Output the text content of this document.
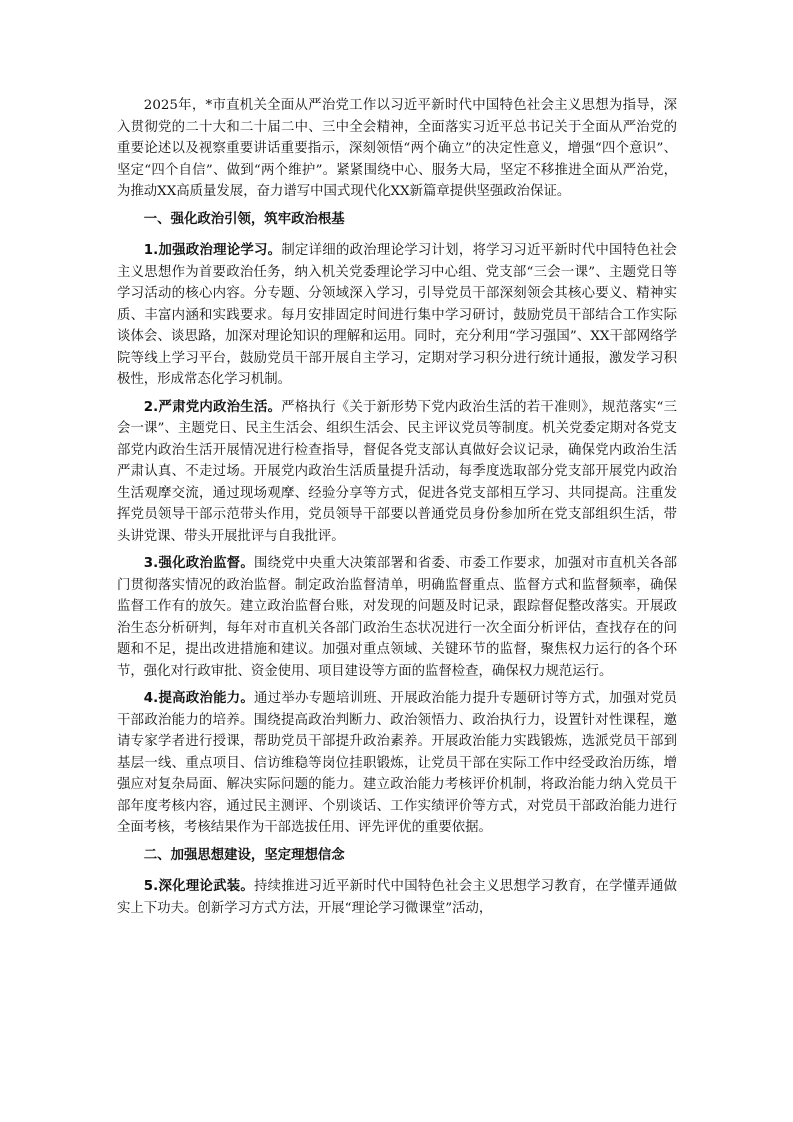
2025年，*市直机关全面从严治党工作以习近平新时代中国特色社会主义思想为指导，深入贯彻党的二十大和二十届二中、三中全会精神，全面落实习近平总书记关于全面从严治党的重要论述以及视察重要讲话重要指示，深刻领悟“两个确立”的决定性意义，增强“四个意识”、坚定“四个自信”、做到“两个维护”。紧紧围绕中心、服务大局，坚定不移推进全面从严治党，为推动XX高质量发展，奋力谱写中国式现代化XX新篇章提供坚强政治保证。

一、强化政治引领，筑牢政治根基

1.加强政治理论学习。制定详细的政治理论学习计划，将学习习近平新时代中国特色社会主义思想作为首要政治任务，纳入机关党委理论学习中心组、党支部“三会一课”、主题党日等学习活动的核心内容。分专题、分领域深入学习，引导党员干部深刻领会其核心要义、精神实质、丰富内涵和实践要求。每月安排固定时间进行集中学习研讨，鼓励党员干部结合工作实际谈体会、谈思路，加深对理论知识的理解和运用。同时，充分利用“学习强国”、XX干部网络学院等线上学习平台，鼓励党员干部开展自主学习，定期对学习积分进行统计通报，激发学习积极性，形成常态化学习机制。

2.严肃党内政治生活。严格执行《关于新形势下党内政治生活的若干准则》，规范落实“三会一课”、主题党日、民主生活会、组织生活会、民主评议党员等制度。机关党委定期对各党支部党内政治生活开展情况进行检查指导，督促各党支部认真做好会议记录，确保党内政治生活严肃认真、不走过场。开展党内政治生活质量提升活动，每季度选取部分党支部开展党内政治生活观摩交流，通过现场观摩、经验分享等方式，促进各党支部相互学习、共同提高。注重发挥党员领导干部示范带头作用，党员领导干部要以普通党员身份参加所在党支部组织生活，带头讲党课、带头开展批评与自我批评。

3.强化政治监督。围绕党中央重大决策部署和省委、市委工作要求，加强对市直机关各部门贯彻落实情况的政治监督。制定政治监督清单，明确监督重点、监督方式和监督频率，确保监督工作有的放矢。建立政治监督台账，对发现的问题及时记录，跟踪督促整改落实。开展政治生态分析研判，每年对市直机关各部门政治生态状况进行一次全面分析评估，查找存在的问题和不足，提出改进措施和建议。加强对重点领域、关键环节的监督，聚焦权力运行的各个环节，强化对行政审批、资金使用、项目建设等方面的监督检查，确保权力规范运行。

4.提高政治能力。通过举办专题培训班、开展政治能力提升专题研讨等方式，加强对党员干部政治能力的培养。围绕提高政治判断力、政治领悟力、政治执行力，设置针对性课程，邀请专家学者进行授课，帮助党员干部提升政治素养。开展政治能力实践锻炼，选派党员干部到基层一线、重点项目、信访维稳等岗位挂职锻炼，让党员干部在实际工作中经受政治历练，增强应对复杂局面、解决实际问题的能力。建立政治能力考核评价机制，将政治能力纳入党员干部年度考核内容，通过民主测评、个别谈话、工作实绩评价等方式，对党员干部政治能力进行全面考核，考核结果作为干部选拔任用、评先评优的重要依据。

二、加强思想建设，坚定理想信念

5.深化理论武装。持续推进习近平新时代中国特色社会主义思想学习教育，在学懂弄通做实上下功夫。创新学习方式方法，开展“理论学习微课堂”活动，
